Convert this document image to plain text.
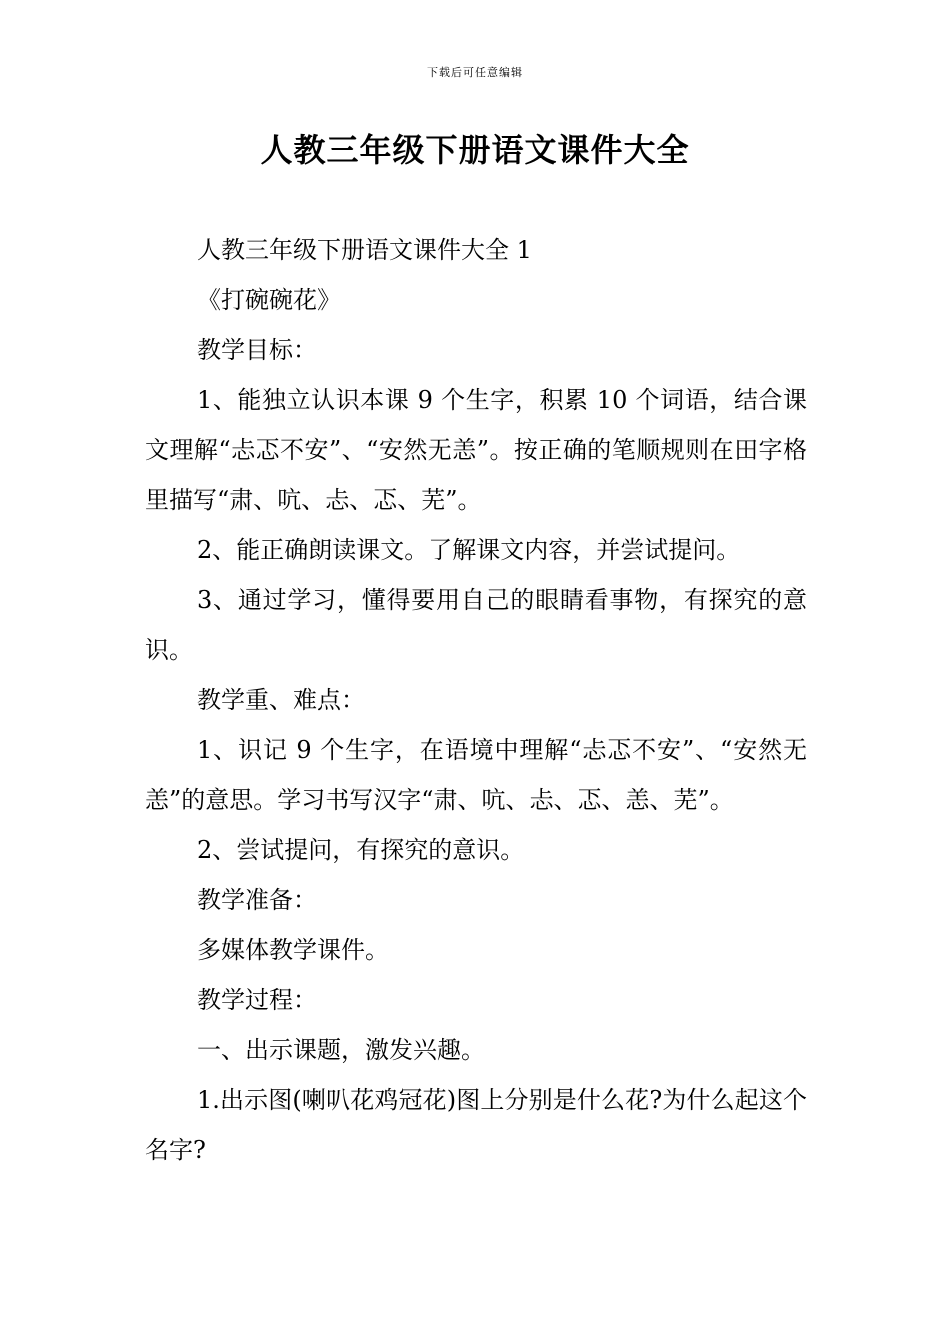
下载后可任意编辑
人教三年级下册语文课件大全

人教三年级下册语文课件大全 1

《打碗碗花》

教学目标：

1、能独立认识本课 9 个生字，积累 10 个词语，结合课文理解“忐忑不安”、“安然无恙”。按正确的笔顺规则在田字格里描写“肃、吭、忐、忑、芜”。

2、能正确朗读课文。了解课文内容，并尝试提问。

3、通过学习，懂得要用自己的眼睛看事物，有探究的意识。

教学重、难点：

1、识记 9 个生字，在语境中理解“忐忑不安”、“安然无恙”的意思。学习书写汉字“肃、吭、忐、忑、恙、芜”。

2、尝试提问，有探究的意识。

教学准备：

多媒体教学课件。

教学过程：

一、出示课题，激发兴趣。

1.出示图(喇叭花鸡冠花)图上分别是什么花?为什么起这个名字?
